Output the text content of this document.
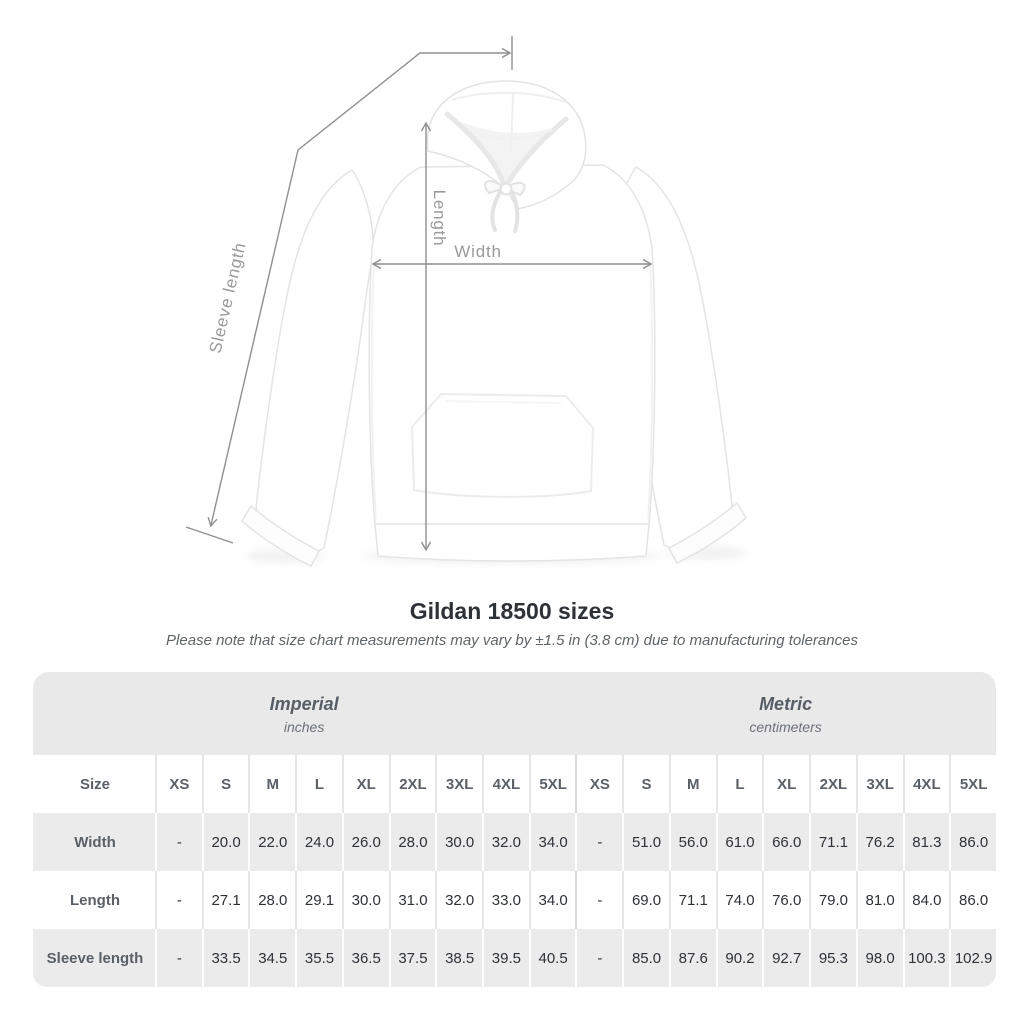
Width
Length
Sleeve length
Gildan 18500 sizes
Please note that size chart measurements may vary by ±1.5 in (3.8 cm) due to manufacturing tolerances
Imperial
inches
Metric
centimeters
Size	XS	S	M	L	XL	2XL	3XL	4XL	5XL	XS	S	M	L	XL	2XL	3XL	4XL	5XL
Width	-	20.0	22.0	24.0	26.0	28.0	30.0	32.0	34.0	-	51.0	56.0	61.0	66.0	71.1	76.2	81.3	86.0
Length	-	27.1	28.0	29.1	30.0	31.0	32.0	33.0	34.0	-	69.0	71.1	74.0	76.0	79.0	81.0	84.0	86.0
Sleeve length	-	33.5	34.5	35.5	36.5	37.5	38.5	39.5	40.5	-	85.0	87.6	90.2	92.7	95.3	98.0	100.3	102.9
